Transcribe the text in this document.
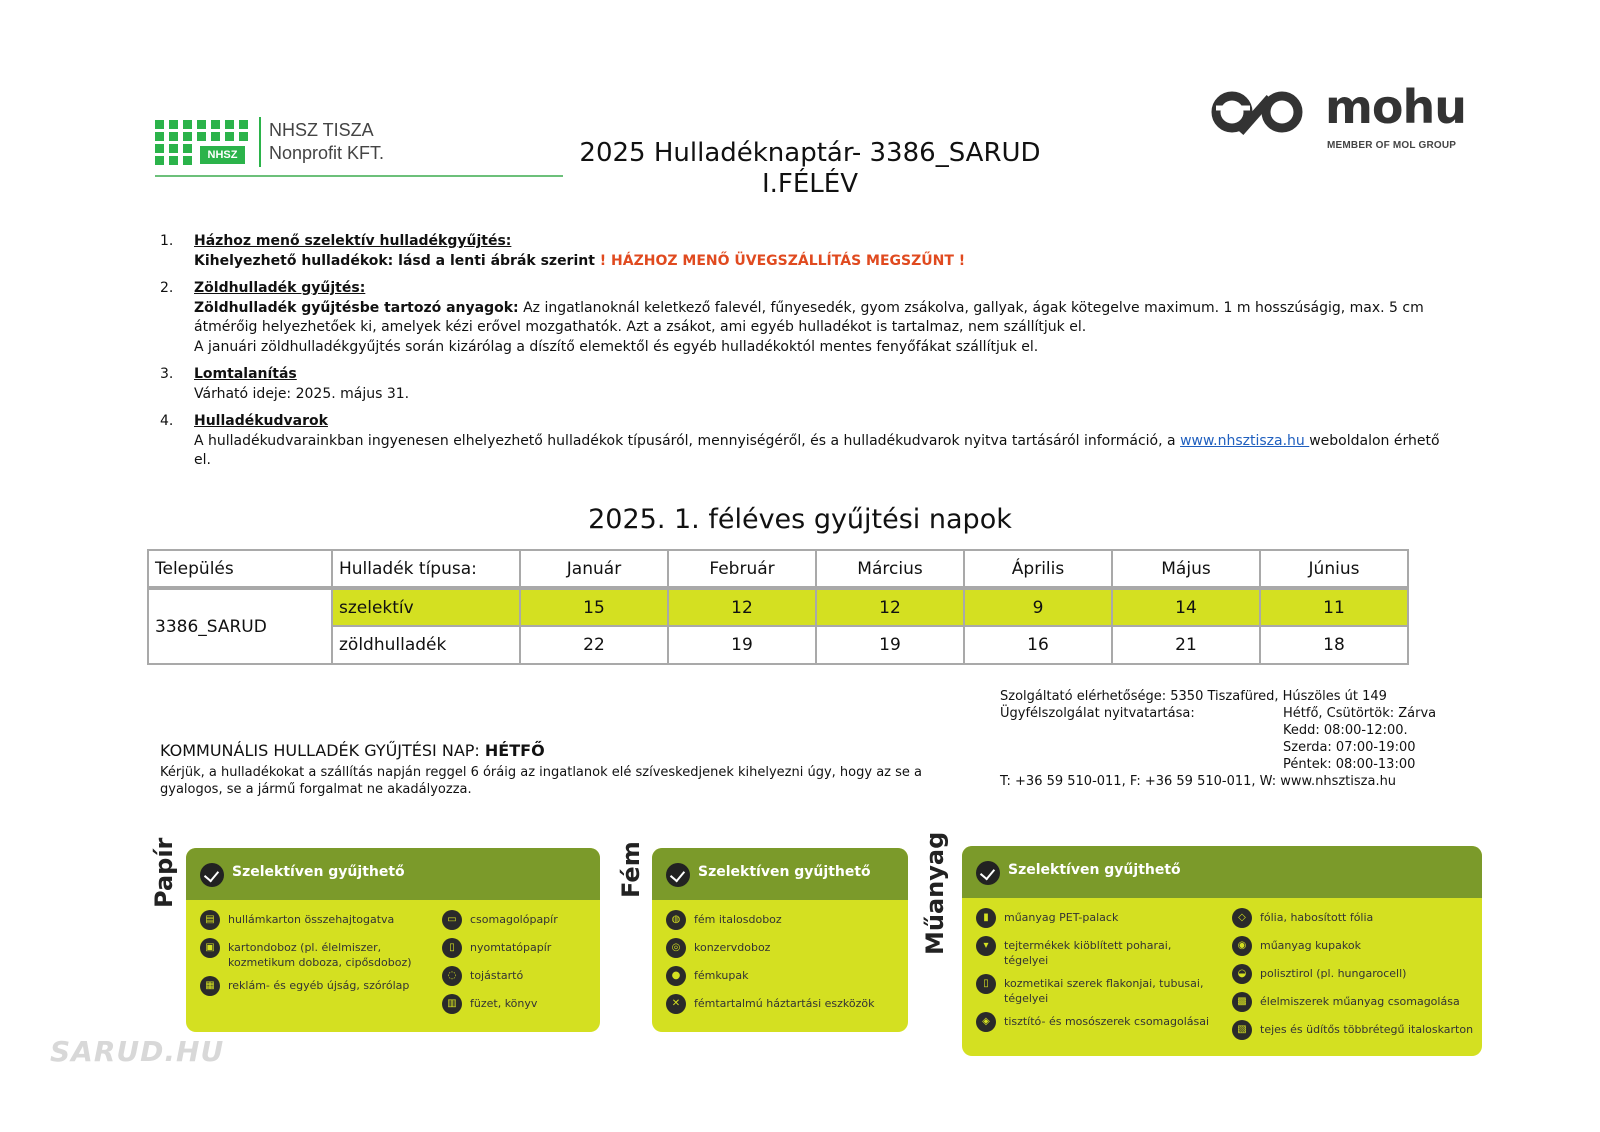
NHSZ
NHSZ TISZA
Nonprofit KFT.	2025 Hulladéknaptár- 3386_SARUD
I.FÉLÉV
mohu
MEMBER OF MOL GROUP
1. Házhoz menő szelektív hulladékgyűjtés:
Kihelyezhető hulladékok: lásd a lenti ábrák szerint ! HÁZHOZ MENŐ ÜVEGSZÁLLÍTÁS MEGSZŰNT !
2. Zöldhulladék gyűjtés:
Zöldhulladék gyűjtésbe tartozó anyagok: Az ingatlanoknál keletkező falevél, fűnyesedék, gyom zsákolva, gallyak, ágak kötegelve maximum. 1 m hosszúságig, max. 5 cm átmérőig helyezhetőek ki, amelyek kézi erővel mozgathatók. Azt a zsákot, ami egyéb hulladékot is tartalmaz, nem szállítjuk el.
A januári zöldhulladékgyűjtés során kizárólag a díszítő elemektől és egyéb hulladékoktól mentes fenyőfákat szállítjuk el.
3. Lomtalanítás
Várható ideje: 2025. május 31.
4. Hulladékudvarok
A hulladékudvarainkban ingyenesen elhelyezhető hulladékok típusáról, mennyiségéről, és a hulladékudvarok nyitva tartásáról információ, a www.nhsztisza.hu weboldalon érhető el.
2025. 1. féléves gyűjtési napok
Település	Hulladék típusa:	Január	Február	Március	Április	Május	Június
3386_SARUD	szelektív	15	12	12	9	14	11
	zöldhulladék	22	19	19	16	21	18
Szolgáltató elérhetősége: 5350 Tiszafüred, Húszöles út 149
Ügyfélszolgálat nyitvatartása:	Hétfő, Csütörtök: Zárva
Kedd: 08:00-12:00.
Szerda: 07:00-19:00
Péntek: 08:00-13:00
T: +36 59 510-011, F: +36 59 510-011, W: www.nhsztisza.hu
KOMMUNÁLIS HULLADÉK GYŰJTÉSI NAP: HÉTFŐ
Kérjük, a hulladékokat a szállítás napján reggel 6 óráig az ingatlanok elé szíveskedjenek kihelyezni úgy, hogy az se a gyalogos, se a jármű forgalmat ne akadályozza.
Papír	Szelektíven gyűjthető
▤	hullámkarton összehajtogatva
▣	kartondoboz (pl. élelmiszer, kozmetikum doboza, cipősdoboz)
▦	reklám- és egyéb újság, szórólap
▭	csomagolópapír
▯	nyomtatópapír
◌	tojástartó
▥	füzet, könyv
Fém	Szelektíven gyűjthető
◍	fém italosdoboz
◎	konzervdoboz
●	fémkupak
✕	fémtartalmú háztartási eszközök
Műanyag	Szelektíven gyűjthető
▮	műanyag PET-palack
▾	tejtermékek kiöblített poharai, tégelyei
▯	kozmetikai szerek flakonjai, tubusai, tégelyei
◈	tisztító- és mosószerek csomagolásai
◇	fólia, habosított fólia
◉	műanyag kupakok
◒	polisztirol (pl. hungarocell)
▩	élelmiszerek műanyag csomagolása
▧	tejes és üdítős többrétegű italoskarton
SARUD.HU
